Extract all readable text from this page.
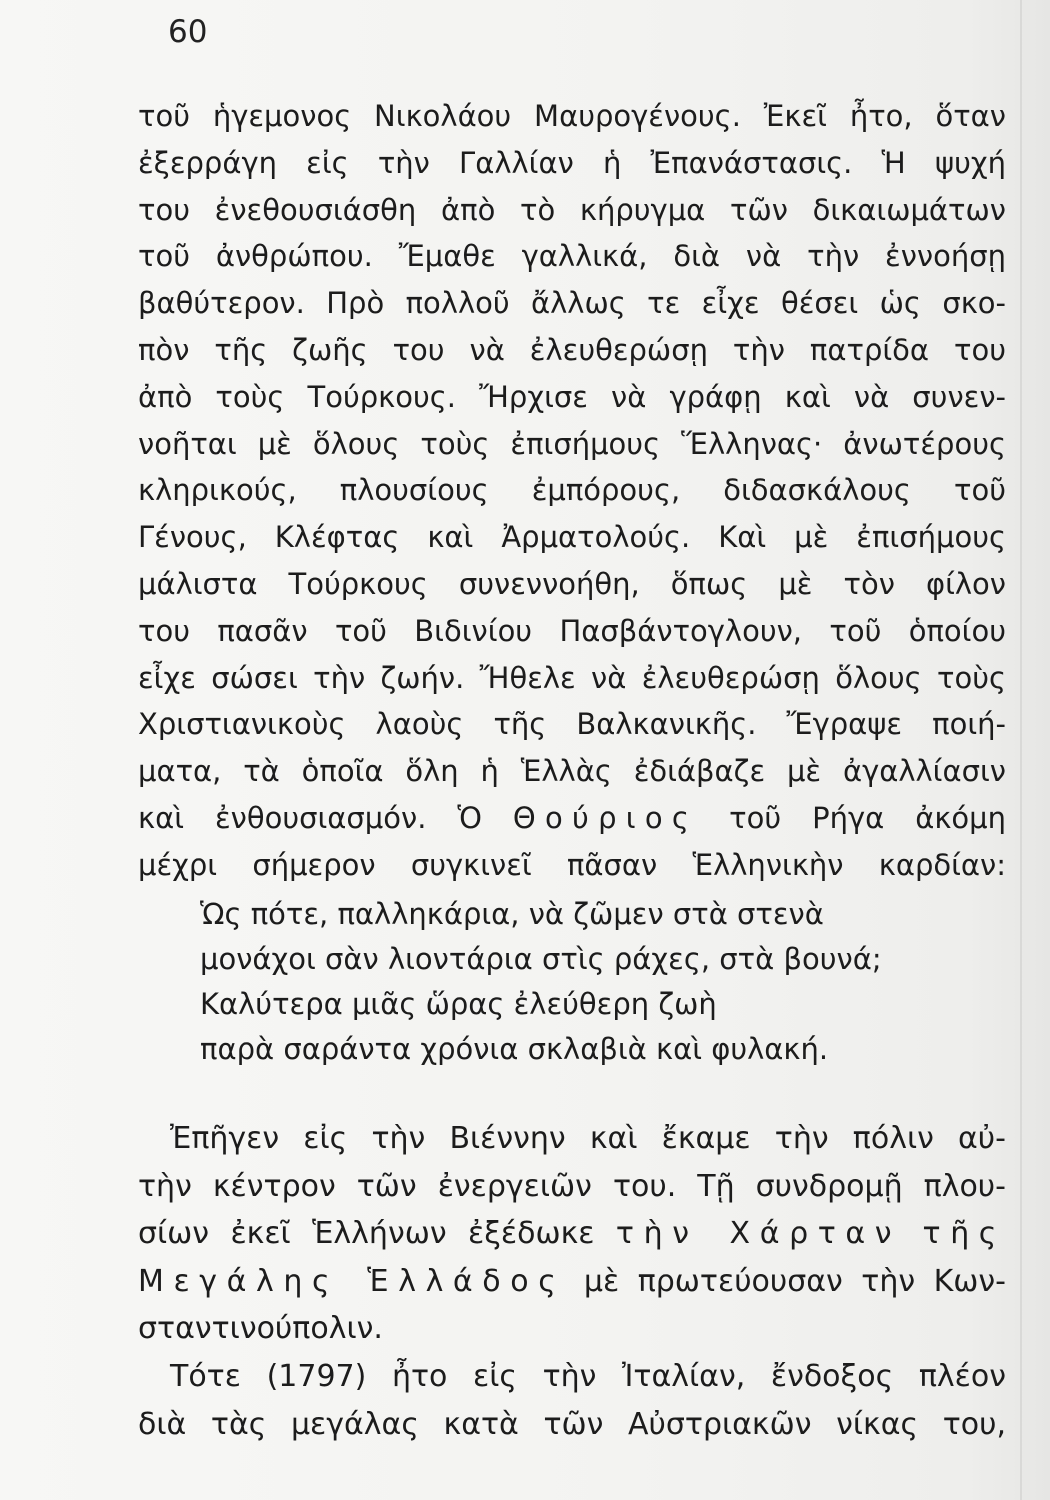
60

τοῦ ἡγεμονος Νικολάου Μαυρογένους. Ἐκεῖ ἦτο, ὅταν
ἐξερράγη εἰς τὴν Γαλλίαν ἡ Ἐπανάστασις. Ἡ ψυχή
του ἐνεθουσιάσθη ἀπὸ τὸ κήρυγμα τῶν δικαιωμάτων
τοῦ ἀνθρώπου. Ἔμαθε γαλλικά, διὰ νὰ τὴν ἐννοήσῃ
βαθύτερον. Πρὸ πολλοῦ ἄλλως τε εἶχε θέσει ὡς σκο-
πὸν τῆς ζωῆς του νὰ ἐλευθερώσῃ τὴν πατρίδα του
ἀπὸ τοὺς Τούρκους. Ἤρχισε νὰ γράφῃ καὶ νὰ συνεν-
νοῆται μὲ ὅλους τοὺς ἐπισήμους Ἕλληνας· ἀνωτέρους
κληρικούς, πλουσίους ἐμπόρους, διδασκάλους τοῦ
Γένους, Κλέφτας καὶ Ἀρματολούς. Καὶ μὲ ἐπισήμους
μάλιστα Τούρκους συνεννοήθη, ὅπως μὲ τὸν φίλον
του πασᾶν τοῦ Βιδινίου Πασβάντογλουν, τοῦ ὁποίου
εἶχε σώσει τὴν ζωήν. Ἤθελε νὰ ἐλευθερώσῃ ὅλους τοὺς
Χριστιανικοὺς λαοὺς τῆς Βαλκανικῆς. Ἔγραψε ποιή-
ματα, τὰ ὁποῖα ὅλη ἡ Ἑλλὰς ἐδιάβαζε μὲ ἀγαλλίασιν
καὶ ἐνθουσιασμόν. Ὁ Θούριος τοῦ Ρήγα ἀκόμη
μέχρι σήμερον συγκινεῖ πᾶσαν Ἑλληνικὴν καρδίαν:
Ὡς πότε, παλληκάρια, νὰ ζῶμεν στὰ στενὰ
μονάχοι σὰν λιοντάρια στὶς ράχες, στὰ βουνά;
Καλύτερα μιᾶς ὥρας ἐλεύθερη ζωὴ
παρὰ σαράντα χρόνια σκλαβιὰ καὶ φυλακή.
Ἐπῆγεν εἰς τὴν Βιέννην καὶ ἔκαμε τὴν πόλιν αὐ-
τὴν κέντρον τῶν ἐνεργειῶν του. Τῇ συνδρομῇ πλου-
σίων ἐκεῖ Ἑλλήνων ἐξέδωκε τὴν Χάρταν τῆς
Μεγάλης Ἑλλάδος μὲ πρωτεύουσαν τὴν Κων-
σταντινούπολιν.
Τότε (1797) ἦτο εἰς τὴν Ἰταλίαν, ἔνδοξος πλέον
διὰ τὰς μεγάλας κατὰ τῶν Αὐστριακῶν νίκας του,
